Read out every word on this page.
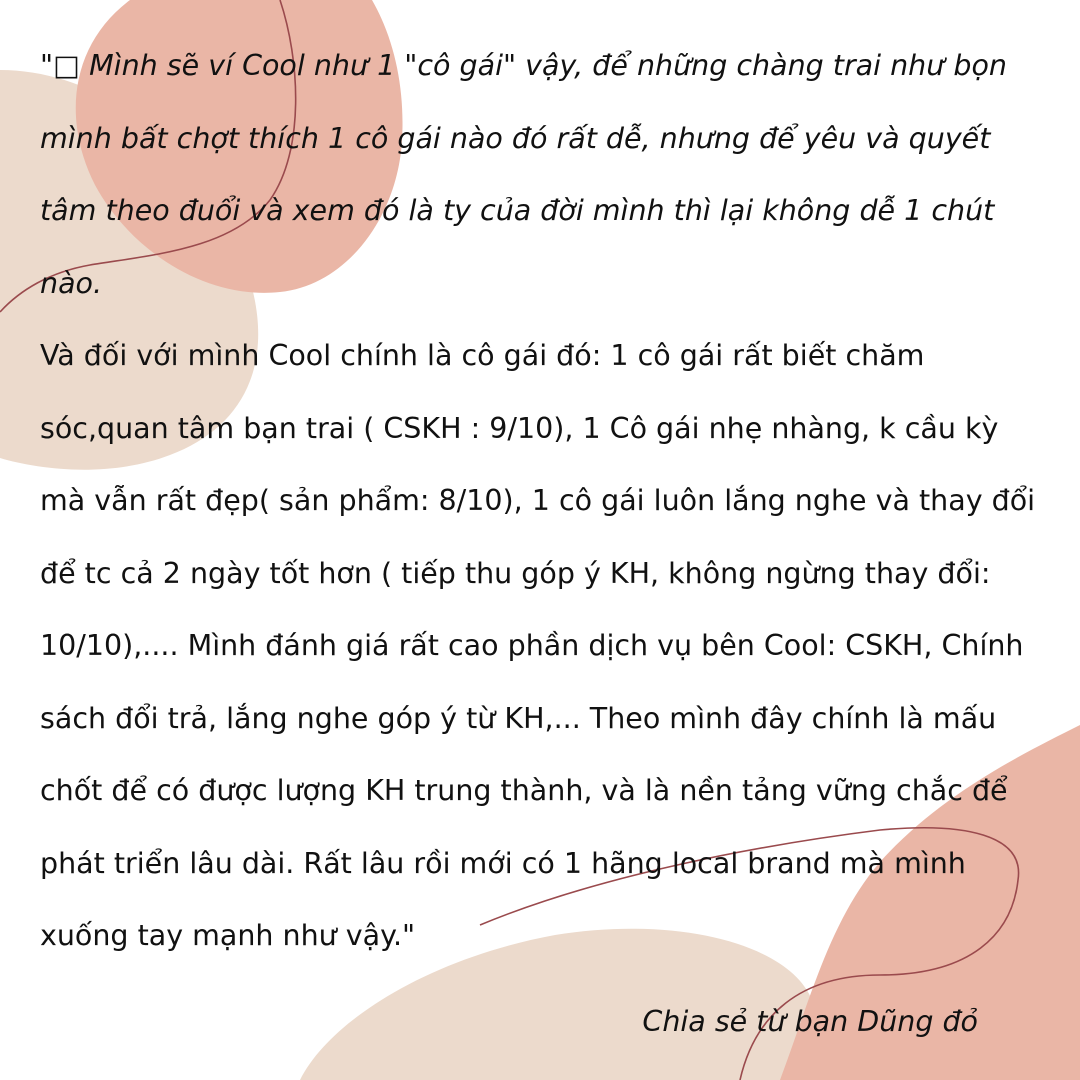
"□ Mình sẽ ví Cool như 1 "cô gái" vậy, để những chàng trai như bọn mình bất chợt thích 1 cô gái nào đó rất dễ, nhưng để yêu và quyết tâm theo đuổi và xem đó là ty của đời mình thì lại không dễ 1 chút nào.

Và đối với mình Cool chính là cô gái đó: 1 cô gái rất biết chăm sóc,quan tâm bạn trai ( CSKH : 9/10), 1 Cô gái nhẹ nhàng, k cầu kỳ mà vẫn rất đẹp( sản phẩm: 8/10), 1 cô gái luôn lắng nghe và thay đổi để tc cả 2 ngày tốt hơn ( tiếp thu góp ý KH, không ngừng thay đổi: 10/10),.... Mình đánh giá rất cao phần dịch vụ bên Cool: CSKH, Chính sách đổi trả, lắng nghe góp ý từ KH,... Theo mình đây chính là mấu chốt để có được lượng KH trung thành, và là nền tảng vững chắc để phát triển lâu dài. Rất lâu rồi mới có 1 hãng local brand mà mình xuống tay mạnh như vậy."

Chia sẻ từ bạn Dũng đỏ
